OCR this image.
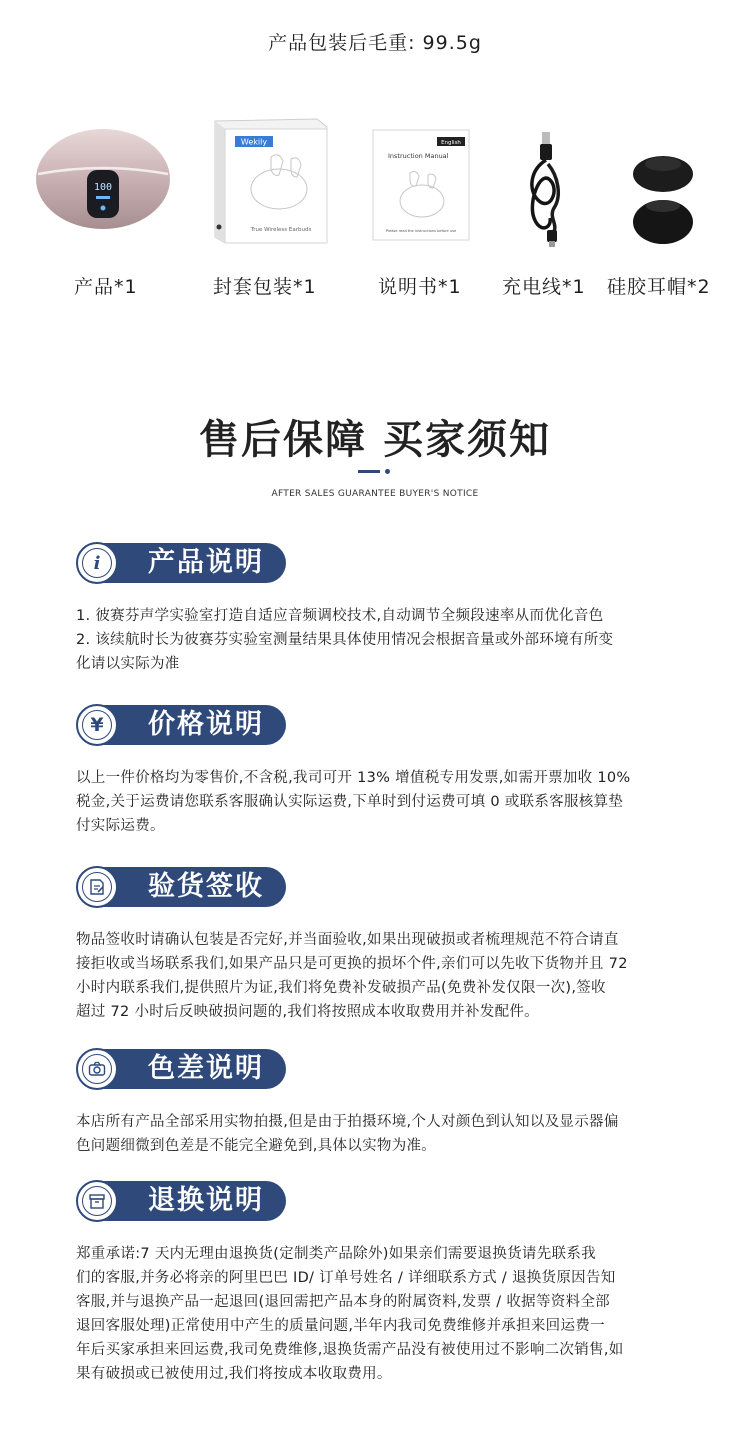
产品包装后毛重: 99.5g
100
Wekily
True Wireless Earbuds
English
Instruction Manual
Please read the instructions before use
产品*1	封套包装*1	说明书*1 充电线*1 硅胶耳帽*2
售后保障 买家须知
AFTER SALES GUARANTEE BUYER'S NOTICE
产品说明
i
1. 彼赛芬声学实验室打造自适应音频调校技术,自动调节全频段速率从而优化音色
2. 该续航时长为彼赛芬实验室测量结果具体使用情况会根据音量或外部环境有所变
化请以实际为准
价格说明
¥
以上一件价格均为零售价,不含税,我司可开 13% 增值税专用发票,如需开票加收 10%
税金,关于运费请您联系客服确认实际运费,下单时到付运费可填 0 或联系客服核算垫
付实际运费。
验货签收
物品签收时请确认包装是否完好,并当面验收,如果出现破损或者梳理规范不符合请直
接拒收或当场联系我们,如果产品只是可更换的损坏个件,亲们可以先收下货物并且 72
小时内联系我们,提供照片为证,我们将免费补发破损产品(免费补发仅限一次),签收
超过 72 小时后反映破损问题的,我们将按照成本收取费用并补发配件。
色差说明
本店所有产品全部采用实物拍摄,但是由于拍摄环境,个人对颜色到认知以及显示器偏
色问题细微到色差是不能完全避免到,具体以实物为准。
退换说明
郑重承诺:7 天内无理由退换货(定制类产品除外)如果亲们需要退换货请先联系我
们的客服,并务必将亲的阿里巴巴 ID/ 订单号姓名 / 详细联系方式 / 退换货原因告知
客服,并与退换产品一起退回(退回需把产品本身的附属资料,发票 / 收据等资料全部
退回客服处理)正常使用中产生的质量问题,半年内我司免费维修并承担来回运费一
年后买家承担来回运费,我司免费维修,退换货需产品没有被使用过不影响二次销售,如
果有破损或已被使用过,我们将按成本收取费用。
